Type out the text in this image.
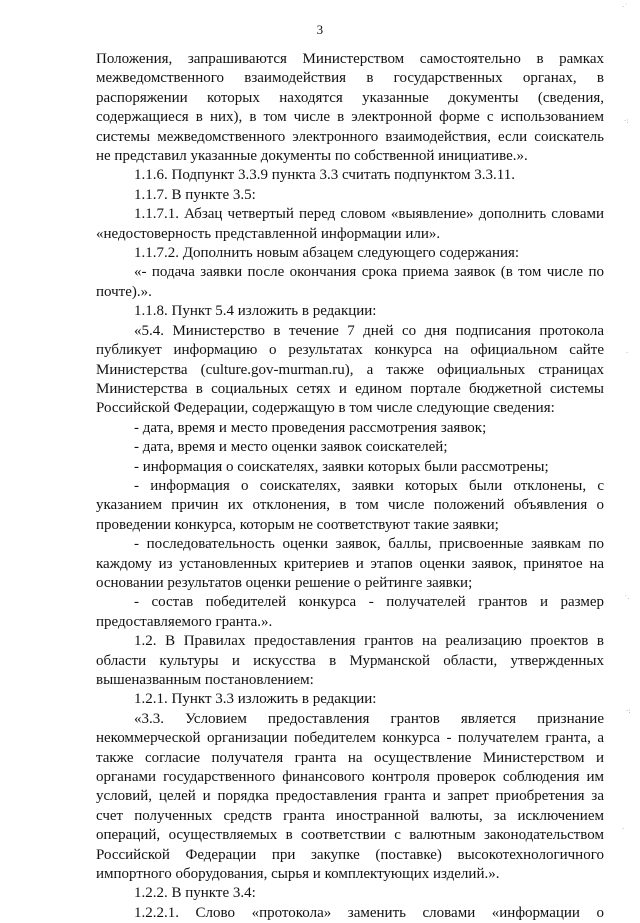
3

Положения, запрашиваются Министерством самостоятельно в рамках межведомственного взаимодействия в государственных органах, в распоряжении которых находятся указанные документы (сведения, содержащиеся в них), в том числе в электронной форме с использованием системы межведомственного электронного взаимодействия, если соискатель не представил указанные документы по собственной инициативе.».

1.1.6. Подпункт 3.3.9 пункта 3.3 считать подпунктом 3.3.11.

1.1.7. В пункте 3.5:

1.1.7.1. Абзац четвертый перед словом «выявление» дополнить словами «недостоверность представленной информации или».

1.1.7.2. Дополнить новым абзацем следующего содержания:

«- подача заявки после окончания срока приема заявок (в том числе по почте).».

1.1.8. Пункт 5.4 изложить в редакции:

«5.4. Министерство в течение 7 дней со дня подписания протокола публикует информацию о результатах конкурса на официальном сайте Министерства (culture.gov-murman.ru), а также официальных страницах Министерства в социальных сетях и едином портале бюджетной системы Российской Федерации, содержащую в том числе следующие сведения:

- дата, время и место проведения рассмотрения заявок;

- дата, время и место оценки заявок соискателей;

- информация о соискателях, заявки которых были рассмотрены;

- информация о соискателях, заявки которых были отклонены, с указанием причин их отклонения, в том числе положений объявления о проведении конкурса, которым не соответствуют такие заявки;

- последовательность оценки заявок, баллы, присвоенные заявкам по каждому из установленных критериев и этапов оценки заявок, принятое на основании результатов оценки решение о рейтинге заявки;

- состав победителей конкурса - получателей грантов и размер предоставляемого гранта.».

1.2. В Правилах предоставления грантов на реализацию проектов в области культуры и искусства в Мурманской области, утвержденных вышеназванным постановлением:

1.2.1. Пункт 3.3 изложить в редакции:

«3.3. Условием предоставления грантов является признание некоммерческой организации победителем конкурса - получателем гранта, а также согласие получателя гранта на осуществление Министерством и органами государственного финансового контроля проверок соблюдения им условий, целей и порядка предоставления гранта и запрет приобретения за счет полученных средств гранта иностранной валюты, за исключением операций, осуществляемых в соответствии с валютным законодательством Российской Федерации при закупке (поставке) высокотехнологичного импортного оборудования, сырья и комплектующих изделий.».

1.2.2. В пункте 3.4:

1.2.2.1. Слово «протокола» заменить словами «информации о

·˙
·:
·
˙·
·:
·
